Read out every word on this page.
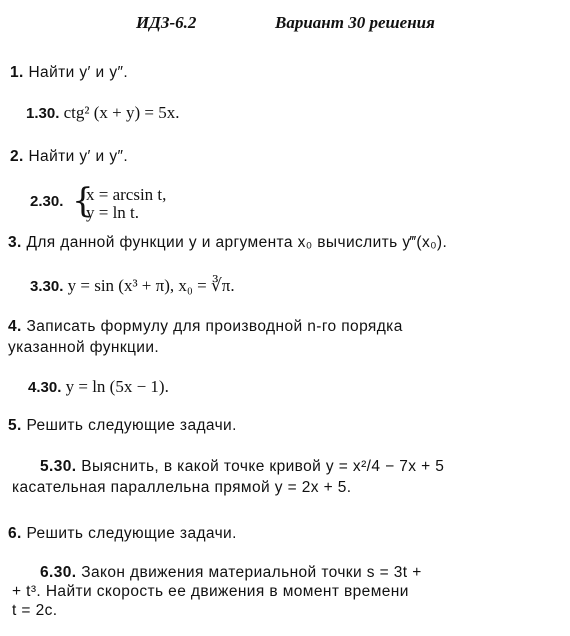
ИДЗ-6.2	Вариант 30 решения
1. Найти y′ и y″.
1.30. ctg² (x + y) = 5x.
2. Найти y′ и y″.
2.30. {
x = arcsin t,
y = ln t.
3. Для данной функции y и аргумента x₀ вычислить y‴(x₀).
3.30. y = sin (x³ + π), x₀ = ∛π.
4. Записать формулу для производной n-го порядка
указанной функции.
4.30. y = ln (5x − 1).
5. Решить следующие задачи.
5.30. Выяснить, в какой точке кривой y = x²/4 − 7x + 5
касательная параллельна прямой y = 2x + 5.
6. Решить следующие задачи.
6.30. Закон движения материальной точки s = 3t +
+ t³. Найти скорость ее движения в момент времени
t = 2c.
